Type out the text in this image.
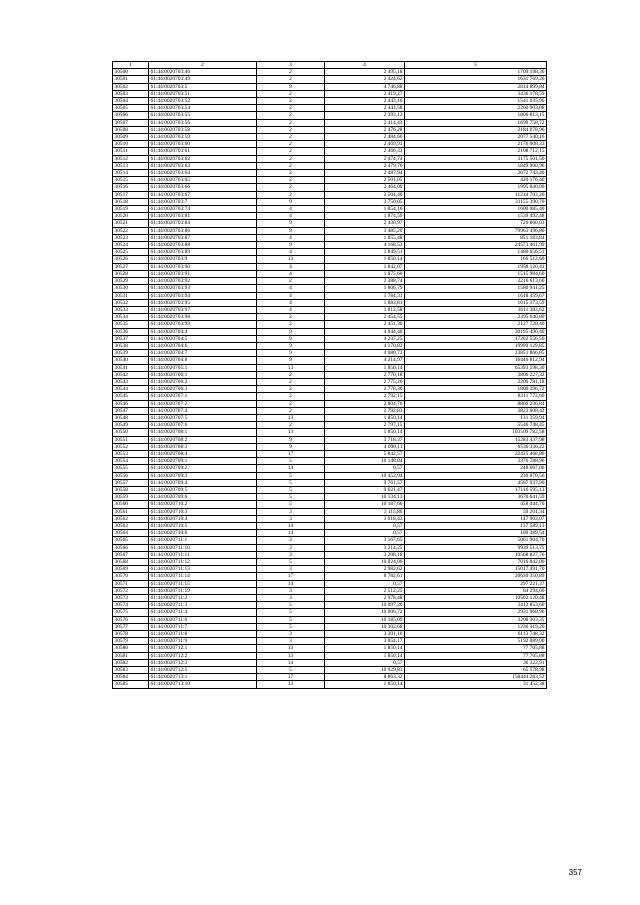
1	2	3	4	5
30500	61:44:0020703:46	2	2 495,18	1709 198,30
30501	61:44:0020703:49	2	2 424,62	1631 769,26
30502	61:44:0020703:5	9	4 746,88	2814 899,84
30503	61:44:0020703:51	2	2 419,27	3436 178,59
30504	61:44:0020703:52	2	2 443,16	1541 635,96
30505	61:44:0020703:54	2	2 441,58	2260 903,08
30506	61:44:0020703:55	2	2 393,13	1806 813,15
30507	61:44:0020703:56	2	2 414,43	1699 758,72
30508	61:44:0020703:58	2	2 476,28	2184 078,96
30509	61:44:0020703:59	2	2 484,60	2077 540,16
30510	61:44:0020703:60	2	2 469,93	2176 008,33
30511	61:44:0020703:61	2	2 466,33	2108 712,15
30512	61:44:0020703:62	2	2 474,74	3175 501,50
30513	61:44:0020703:63	2	2 479,76	1849 900,96
30514	61:44:0020703:64	2	2 487,94	2072 743,46
30515	61:44:0020703:65	2	2 501,05	420 176,40
30516	61:44:0020703:66	2	2 464,00	1995 840,00
30517	61:44:0020703:67	2	2 504,40	11214 703,20
30518	61:44:0020703:7	9	3 750,05	31155 390,70
30519	61:44:0020703:74	4	1 854,16	1600 085,40
30520	61:44:0020703:81	4	1 874,59	1539 492,48
30521	61:44:0020703:84	9	2 430,97	726 860,03
30522	61:44:0020703:86	9	3 485,20	79963 496,80
30523	61:44:0020703:87	4	1 855,48	851 183,84
30524	61:44:0020703:88	9	4 168,53	24573 461,99
30525	61:44:0020703:89	4	1 849,51	1480 656,51
30526	61:44:0020703:9	13	1 850,14	166 512,60
30527	61:44:0020703:90	4	1 842,07	1958 120,41
30528	61:44:0020703:91	4	1 875,60	1515 984,60
30529	61:44:0020703:92	2	2 388,74	2216 613,60
30530	61:44:0020703:93	4	1 806,79	1580 941,25
30531	61:44:0020703:94	4	1 784,31	1618 459,67
30532	61:44:0020703:95	4	1 883,81	1015 373,59
30533	61:44:0020703:97	4	1 812,58	1611 383,62
30534	61:44:0020703:98	2	2 454,55	2395 640,80
30535	61:44:0020703:99	2	2 451,30	2127 728,40
30536	61:44:0020704:4	9	4 044,40	30195 490,40
30537	61:44:0020704:5	9	4 237,25	17262 556,50
30538	61:44:0020704:6	9	4 170,83	19999 129,85
30539	61:44:0020704:7	9	4 080,73	23851 866,85
30540	61:44:0020704:8	9	4 214,97	16446 812,94
30541	61:44:0020705:1	13	1 850,14	65393 198,30
30542	61:44:0020706:1	2	2 770,18	3806 227,32
30543	61:44:0020706:2	2	2 775,26	2200 781,18
30544	61:44:0020706:3	2	2 778,30	1800 396,72
30545	61:44:0020707:1	2	2 792,15	8311 773,60
30546	61:44:0020707:2	2	2 804,76	8860 236,84
30547	61:44:0020707:4	2	2 792,83	3823 608,42
30548	61:44:0020707:5	13	1 850,14	131 359,94
30549	61:44:0020707:6	2	2 797,15	5546 748,45
30550	61:44:0020708:1	13	1 850,14	103509 782,58
30551	61:44:0020708:2	9	3 718,37	15283 437,98
30552	61:44:0020708:3	9	4 090,11	6536 336,22
30553	61:44:0020708:4	17	5 842,57	22435 468,80
30554	61:44:0020709:1	5	10 148,04	3376 788,96
30555	61:44:0020709:2	14	0,57	248 667,06
30556	61:44:0020709:3	5	10 452,94	230 870,56
30557	61:44:0020709:4	5	9 761,57	4587 937,90
30558	61:44:0020709:5	5	9 621,47	17116 595,13
30559	61:44:0020709:6	5	10 134,13	3670 641,59
30560	61:44:0020710:2	5	10 187,66	458 444,70
30561	61:44:0020710:3	3	3 115,86	59 201,34
30562	61:44:0020710:4	3	3 018,43	147 903,07
30563	61:44:0020710:5	14	0,57	137 589,13
30564	61:44:0020710:6	14	0,57	100 389,54
30565	61:44:0020711:1	3	3 167,65	5061 904,70
30566	61:44:0020711:10	3	3 214,25	9939 513,75
30567	61:44:0020711:11	3	3 208,18	10568 827,76
30568	61:44:0020711:12	5	10 024,06	7016 842,00
30569	61:44:0020711:13	3	2 982,62	15017 491,70
30570	61:44:0020711:14	17	8 782,61	20630 350,89
30571	61:44:0020711:15	14	0,57	297 221,37
30572	61:44:0020711:19	3	2 512,25	84 294,00
30573	61:44:0020711:2	3	2 978,48	10502 120,48
30574	61:44:0020711:3	5	10 097,20	3412 853,60
30575	61:44:0020711:4	5	10 006,72	2931 968,96
30576	61:44:0020711:6	5	10 185,09	3208 303,35
30577	61:44:0020711:7	5	10 302,68	1236 319,20
30578	61:44:0020711:8	3	3 301,16	6113 748,32
30579	61:44:0020711:9	3	3 054,17	5192 089,00
30580	61:44:0020712:1	13	1 850,14	77 705,88
30581	61:44:0020712:2	13	1 850,14	77 705,88
30582	61:44:0020712:3	14	0,57	36 322,91
30583	61:44:0020712:5	5	10 929,83	65 578,98
30584	61:44:0020713:1	17	8 863,32	158444 283,52
30585	61:44:0020713:10	13	1 850,14	31 452,38
357
